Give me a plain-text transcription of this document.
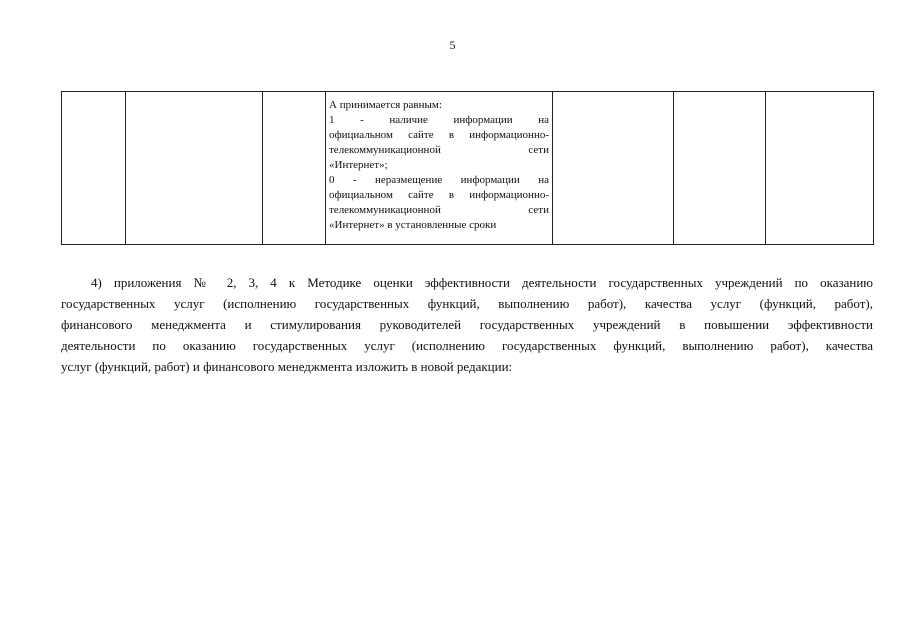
5

А принимается равным:
1 - наличие информации на
официальном сайте в информационно-
телекоммуникационной сети
«Интернет»;
0 - неразмещение информации на
официальном сайте в информационно-
телекоммуникационной сети
«Интернет» в установленные сроки

4) приложения № 2, 3, 4 к Методике оценки эффективности деятельности государственных учреждений по оказанию
государственных услуг (исполнению государственных функций, выполнению работ), качества услуг (функций, работ),
финансового менеджмента и стимулирования руководителей государственных учреждений в повышении эффективности
деятельности по оказанию государственных услуг (исполнению государственных функций, выполнению работ), качества
услуг (функций, работ) и финансового менеджмента изложить в новой редакции:
